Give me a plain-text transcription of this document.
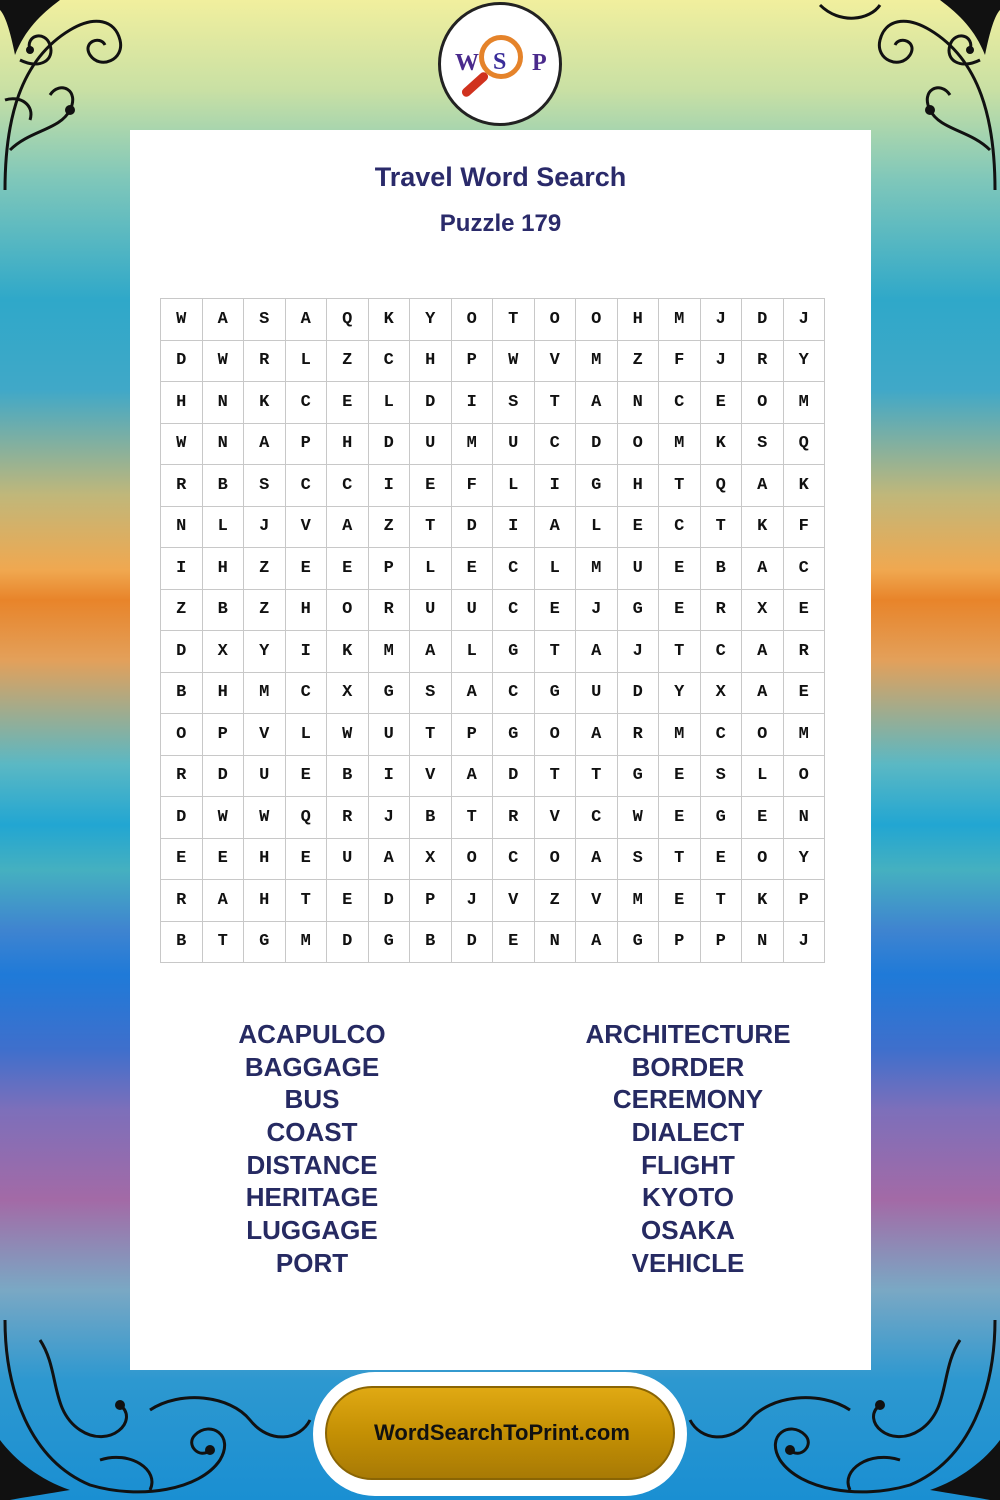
W S P
Travel Word Search
Puzzle 179
W	A	S	A	Q	K	Y	O	T	O	O	H	M	J	D	J
D	W	R	L	Z	C	H	P	W	V	M	Z	F	J	R	Y
H	N	K	C	E	L	D	I	S	T	A	N	C	E	O	M
W	N	A	P	H	D	U	M	U	C	D	O	M	K	S	Q
R	B	S	C	C	I	E	F	L	I	G	H	T	Q	A	K
N	L	J	V	A	Z	T	D	I	A	L	E	C	T	K	F
I	H	Z	E	E	P	L	E	C	L	M	U	E	B	A	C
Z	B	Z	H	O	R	U	U	C	E	J	G	E	R	X	E
D	X	Y	I	K	M	A	L	G	T	A	J	T	C	A	R
B	H	M	C	X	G	S	A	C	G	U	D	Y	X	A	E
O	P	V	L	W	U	T	P	G	O	A	R	M	C	O	M
R	D	U	E	B	I	V	A	D	T	T	G	E	S	L	O
D	W	W	Q	R	J	B	T	R	V	C	W	E	G	E	N
E	E	H	E	U	A	X	O	C	O	A	S	T	E	O	Y
R	A	H	T	E	D	P	J	V	Z	V	M	E	T	K	P
B	T	G	M	D	G	B	D	E	N	A	G	P	P	N	J
ACAPULCO
BAGGAGE
BUS
COAST
DISTANCE
HERITAGE
LUGGAGE
PORT
ARCHITECTURE
BORDER
CEREMONY
DIALECT
FLIGHT
KYOTO
OSAKA
VEHICLE
WordSearchToPrint.com
